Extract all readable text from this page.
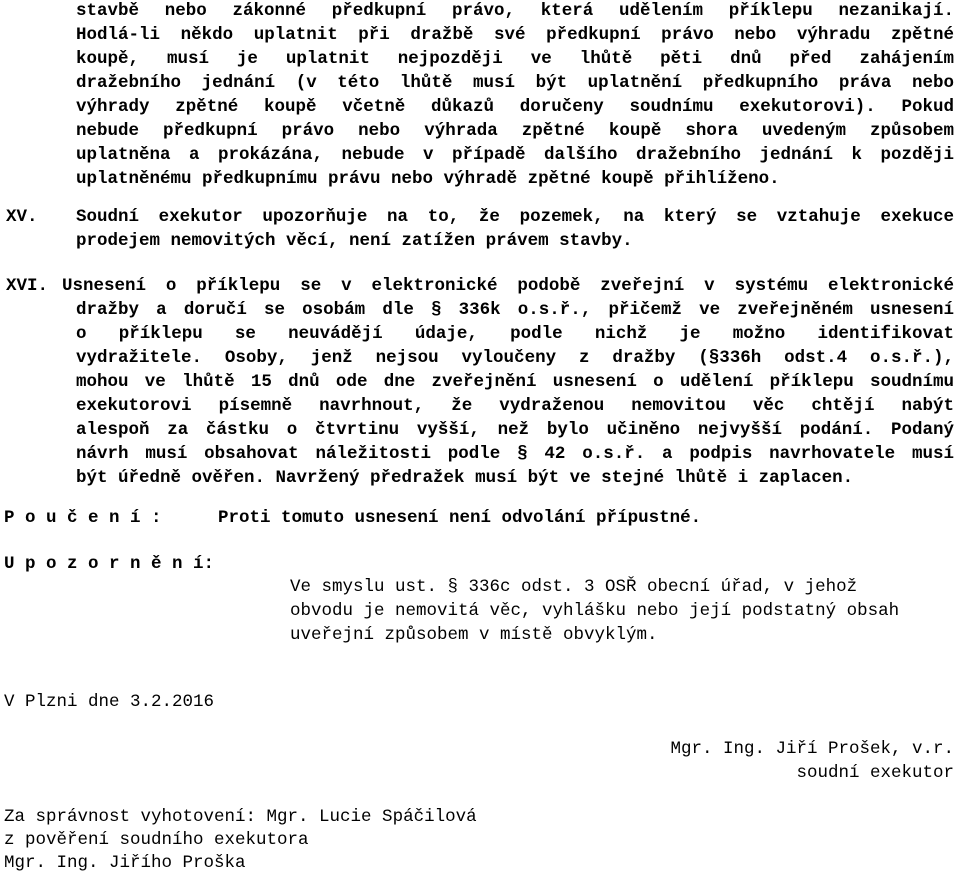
stavbě nebo zákonné předkupní právo, která udělením příklepu nezanikají.
Hodlá-li někdo uplatnit při dražbě své předkupní právo nebo výhradu zpětné
koupě, musí je uplatnit nejpozději ve lhůtě pěti dnů před zahájením
dražebního jednání (v této lhůtě musí být uplatnění předkupního práva nebo
výhrady zpětné koupě včetně důkazů doručeny soudnímu exekutorovi). Pokud
nebude předkupní právo nebo výhrada zpětné koupě shora uvedeným způsobem
uplatněna a prokázána, nebude v případě dalšího dražebního jednání k později
uplatněnému předkupnímu právu nebo výhradě zpětné koupě přihlíženo.
XV. Soudní exekutor upozorňuje na to, že pozemek, na který se vztahuje exekuce
prodejem nemovitých věcí, není zatížen právem stavby.
XVI. Usnesení o příklepu se v elektronické podobě zveřejní v systému elektronické
dražby a doručí se osobám dle § 336k o.s.ř., přičemž ve zveřejněném usnesení
o příklepu se neuvádějí údaje, podle nichž je možno identifikovat
vydražitele. Osoby, jenž nejsou vyloučeny z dražby (§336h odst.4 o.s.ř.),
mohou ve lhůtě 15 dnů ode dne zveřejnění usnesení o udělení příklepu soudnímu
exekutorovi písemně navrhnout, že vydraženou nemovitou věc chtějí nabýt
alespoň za částku o čtvrtinu vyšší, než bylo učiněno nejvyšší podání. Podaný
návrh musí obsahovat náležitosti podle § 42 o.s.ř. a podpis navrhovatele musí
být úředně ověřen. Navržený předražek musí být ve stejné lhůtě i zaplacen.
P o u č e n í :	Proti tomuto usnesení není odvolání přípustné.
U p o z o r n ě n í:
Ve smyslu ust. § 336c odst. 3 OSŘ obecní úřad, v jehož
obvodu je nemovitá věc, vyhlášku nebo její podstatný obsah
uveřejní způsobem v místě obvyklým.
V Plzni dne 3.2.2016
Mgr. Ing. Jiří Prošek, v.r.
soudní exekutor
Za správnost vyhotovení: Mgr. Lucie Spáčilová
z pověření soudního exekutora
Mgr. Ing. Jiřího Proška
